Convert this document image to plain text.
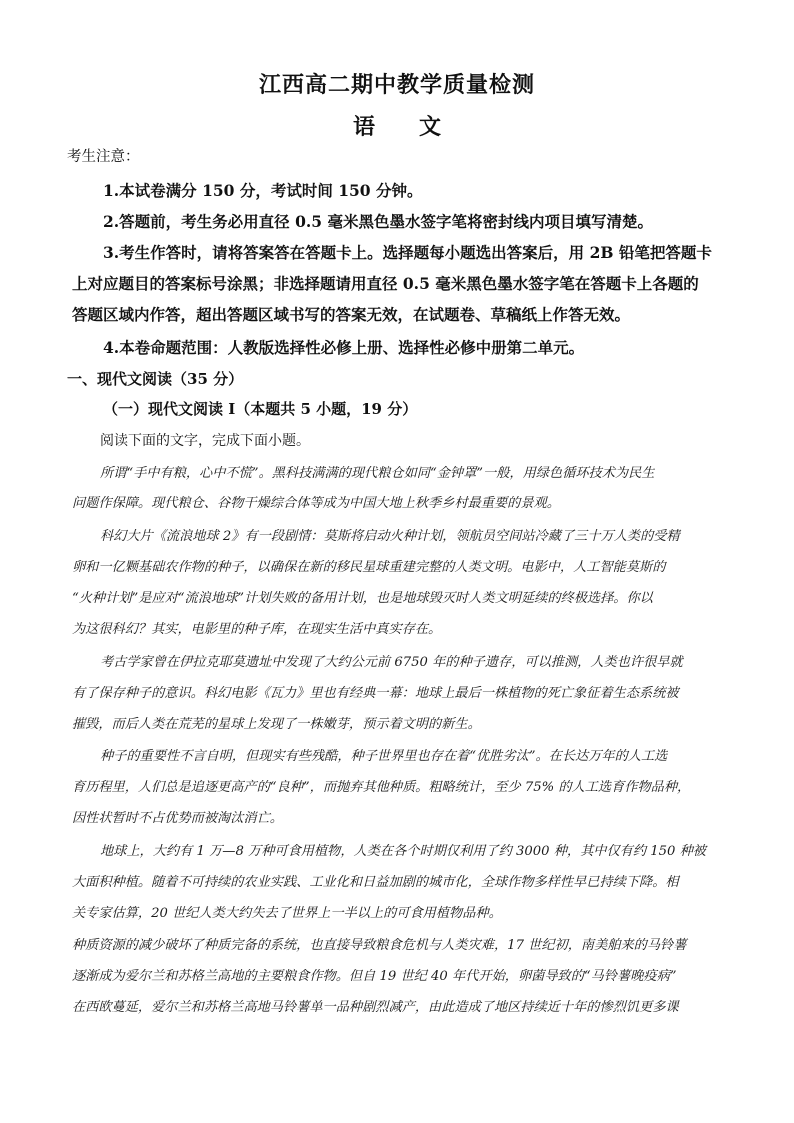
江西高二期中教学质量检测
语　　文
考生注意：
1.本试卷满分 150 分，考试时间 150 分钟。
2.答题前，考生务必用直径 0.5 毫米黑色墨水签字笔将密封线内项目填写清楚。
3.考生作答时，请将答案答在答题卡上。选择题每小题选出答案后，用 2B 铅笔把答题卡
上对应题目的答案标号涂黑；非选择题请用直径 0.5 毫米黑色墨水签字笔在答题卡上各题的
答题区域内作答，超出答题区域书写的答案无效，在试题卷、草稿纸上作答无效。
4.本卷命题范围：人教版选择性必修上册、选择性必修中册第二单元。
一、现代文阅读（35 分）
（一）现代文阅读 I（本题共 5 小题，19 分）
阅读下面的文字，完成下面小题。
所谓“手中有粮，心中不慌”。黑科技满满的现代粮仓如同“金钟罩”一般，用绿色循环技术为民生
问题作保障。现代粮仓、谷物干燥综合体等成为中国大地上秋季乡村最重要的景观。
科幻大片《流浪地球 2》有一段剧情：莫斯将启动火种计划，领航员空间站冷藏了三十万人类的受精
卵和一亿颗基础农作物的种子，以确保在新的移民星球重建完整的人类文明。电影中，人工智能莫斯的
“火种计划”是应对“流浪地球”计划失败的备用计划，也是地球毁灭时人类文明延续的终极选择。你以
为这很科幻？其实，电影里的种子库，在现实生活中真实存在。
考古学家曾在伊拉克耶莫遗址中发现了大约公元前 6750 年的种子遗存，可以推测，人类也许很早就
有了保存种子的意识。科幻电影《瓦力》里也有经典一幕：地球上最后一株植物的死亡象征着生态系统被
摧毁，而后人类在荒芜的星球上发现了一株嫩芽，预示着文明的新生。
种子的重要性不言自明，但现实有些残酷，种子世界里也存在着“优胜劣汰”。在长达万年的人工选
育历程里，人们总是追逐更高产的“良种”，而抛弃其他种质。粗略统计，至少 75% 的人工选育作物品种，
因性状暂时不占优势而被淘汰消亡。
地球上，大约有 1 万—8 万种可食用植物，人类在各个时期仅利用了约 3000 种，其中仅有约 150 种被
大面积种植。随着不可持续的农业实践、工业化和日益加剧的城市化，全球作物多样性早已持续下降。相
关专家估算，20 世纪人类大约失去了世界上一半以上的可食用植物品种。
种质资源的减少破坏了种质完备的系统，也直接导致粮食危机与人类灾难，17 世纪初，南美舶来的马铃薯
逐渐成为爱尔兰和苏格兰高地的主要粮食作物。但自 19 世纪 40 年代开始，卵菌导致的“马铃薯晚疫病”
在西欧蔓延，爱尔兰和苏格兰高地马铃薯单一品种剧烈减产，由此造成了地区持续近十年的惨烈饥更多课
